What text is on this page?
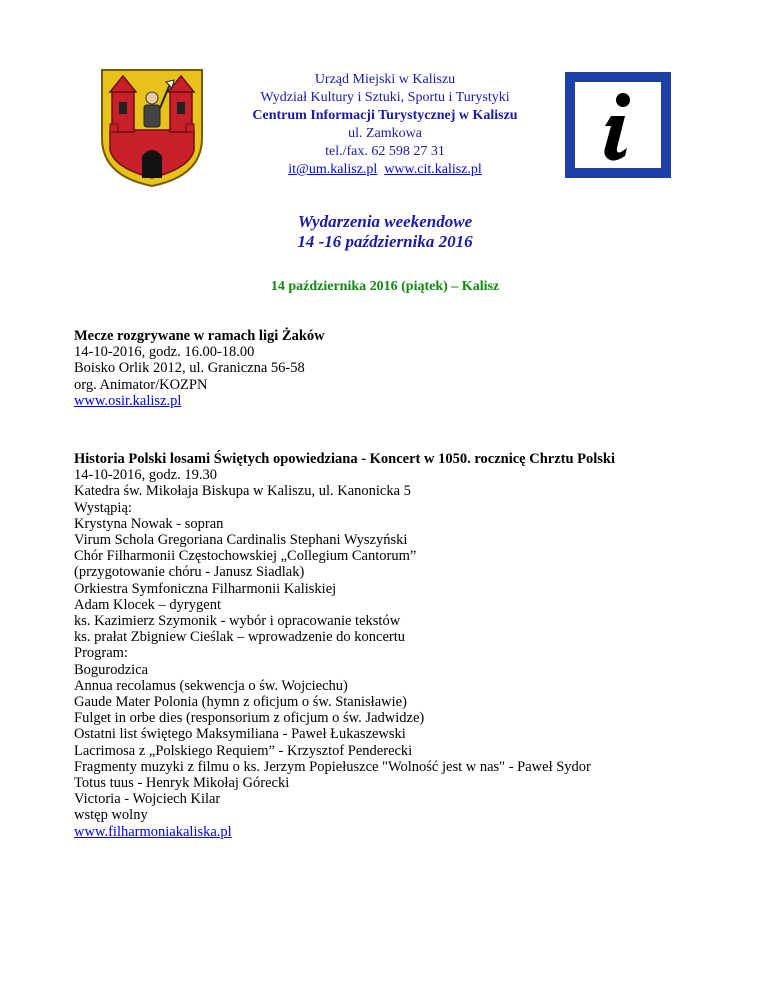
Urząd Miejski w Kaliszu
Wydział Kultury i Sztuki, Sportu i Turystyki
Centrum Informacji Turystycznej w Kaliszu
ul. Zamkowa
tel./fax. 62 598 27 31
it@um.kalisz.pl www.cit.kalisz.pl
Wydarzenia weekendowe
14 -16 października 2016
14 października 2016 (piątek) – Kalisz
Mecze rozgrywane w ramach ligi Żaków
14-10-2016, godz. 16.00-18.00
Boisko Orlik 2012, ul. Graniczna 56-58
org. Animator/KOZPN
www.osir.kalisz.pl
Historia Polski losami Świętych opowiedziana - Koncert w 1050. rocznicę Chrztu Polski
14-10-2016, godz. 19.30
Katedra św. Mikołaja Biskupa w Kaliszu, ul. Kanonicka 5
Wystąpią:
Krystyna Nowak - sopran
Virum Schola Gregoriana Cardinalis Stephani Wyszyński
Chór Filharmonii Częstochowskiej „Collegium Cantorum”
(przygotowanie chóru - Janusz Siadlak)
Orkiestra Symfoniczna Filharmonii Kaliskiej
Adam Klocek – dyrygent
ks. Kazimierz Szymonik - wybór i opracowanie tekstów
ks. prałat Zbigniew Cieślak – wprowadzenie do koncertu
Program:
Bogurodzica
Annua recolamus (sekwencja o św. Wojciechu)
Gaude Mater Polonia (hymn z oficjum o św. Stanisławie)
Fulget in orbe dies (responsorium z oficjum o św. Jadwidze)
Ostatni list świętego Maksymiliana - Paweł Łukaszewski
Lacrimosa z „Polskiego Requiem” - Krzysztof Penderecki
Fragmenty muzyki z filmu o ks. Jerzym Popiełuszce "Wolność jest w nas" - Paweł Sydor
Totus tuus - Henryk Mikołaj Górecki
Victoria - Wojciech Kilar
wstęp wolny
www.filharmoniakaliska.pl
